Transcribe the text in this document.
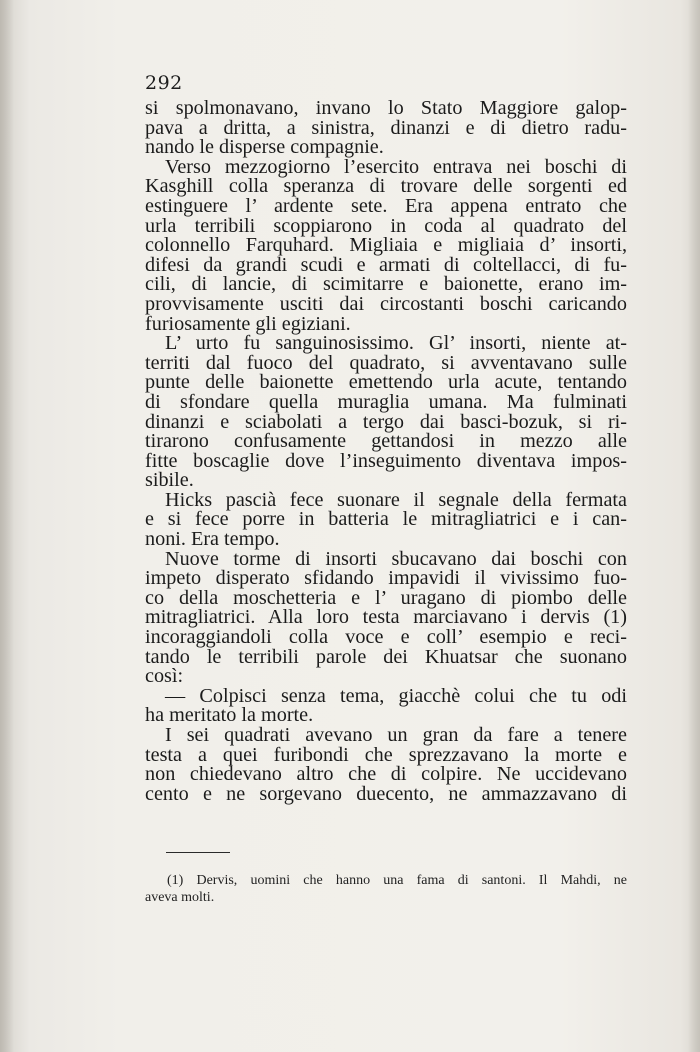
292
si spolmonavano, invano lo Stato Maggiore galop-
pava a dritta, a sinistra, dinanzi e di dietro radu-
nando le disperse compagnie.
Verso mezzogiorno l’esercito entrava nei boschi di
Kasghill colla speranza di trovare delle sorgenti ed
estinguere l’ ardente sete. Era appena entrato che
urla terribili scoppiarono in coda al quadrato del
colonnello Farquhard. Migliaia e migliaia d’ insorti,
difesi da grandi scudi e armati di coltellacci, di fu-
cili, di lancie, di scimitarre e baionette, erano im-
provvisamente usciti dai circostanti boschi caricando
furiosamente gli egiziani.
L’ urto fu sanguinosissimo. Gl’ insorti, niente at-
territi dal fuoco del quadrato, si avventavano sulle
punte delle baionette emettendo urla acute, tentando
di sfondare quella muraglia umana. Ma fulminati
dinanzi e sciabolati a tergo dai basci-bozuk, si ri-
tirarono confusamente gettandosi in mezzo alle
fitte boscaglie dove l’inseguimento diventava impos-
sibile.
Hicks pascià fece suonare il segnale della fermata
e si fece porre in batteria le mitragliatrici e i can-
noni. Era tempo.
Nuove torme di insorti sbucavano dai boschi con
impeto disperato sfidando impavidi il vivissimo fuo-
co della moschetteria e l’ uragano di piombo delle
mitragliatrici. Alla loro testa marciavano i dervis (1)
incoraggiandoli colla voce e coll’ esempio e reci-
tando le terribili parole dei Khuatsar che suonano
così:
— Colpisci senza tema, giacchè colui che tu odi
ha meritato la morte.
I sei quadrati avevano un gran da fare a tenere
testa a quei furibondi che sprezzavano la morte e
non chiedevano altro che di colpire. Ne uccidevano
cento e ne sorgevano duecento, ne ammazzavano di
(1) Dervis, uomini che hanno una fama di santoni. Il Mahdi, ne
aveva molti.
